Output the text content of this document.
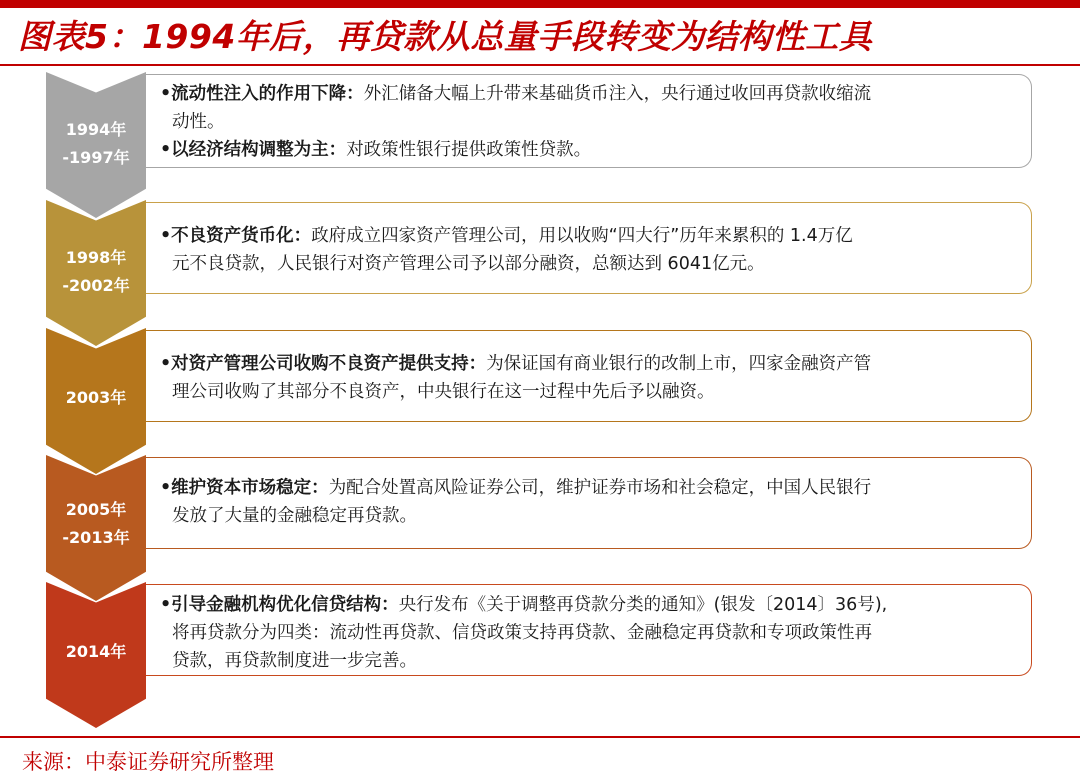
图表5：1994年后，再贷款从总量手段转变为结构性工具
1994年
-1997年
•流动性注入的作用下降：外汇储备大幅上升带来基础货币注入，央行通过收回再贷款收缩流
动性。
•以经济结构调整为主：对政策性银行提供政策性贷款。
1998年
-2002年
•不良资产货币化：政府成立四家资产管理公司，用以收购“四大行”历年来累积的 1.4万亿
元不良贷款，人民银行对资产管理公司予以部分融资，总额达到 6041亿元。
2003年
•对资产管理公司收购不良资产提供支持：为保证国有商业银行的改制上市，四家金融资产管
理公司收购了其部分不良资产，中央银行在这一过程中先后予以融资。
2005年
-2013年
•维护资本市场稳定：为配合处置高风险证券公司，维护证券市场和社会稳定，中国人民银行
发放了大量的金融稳定再贷款。
2014年
•引导金融机构优化信贷结构：央行发布《关于调整再贷款分类的通知》(银发〔2014〕36号),
将再贷款分为四类：流动性再贷款、信贷政策支持再贷款、金融稳定再贷款和专项政策性再
贷款，再贷款制度进一步完善。
来源：中泰证券研究所整理
